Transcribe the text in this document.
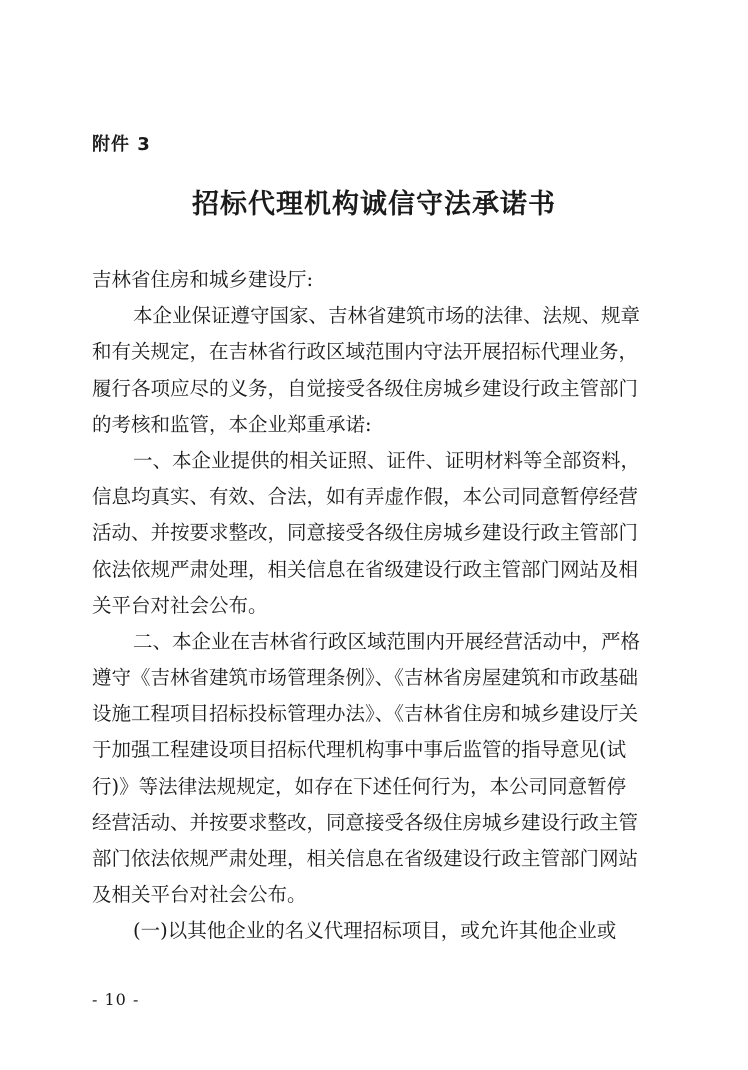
附件 3
招标代理机构诚信守法承诺书
吉林省住房和城乡建设厅:
本企业保证遵守国家、吉林省建筑市场的法律、法规、规章
和有关规定，在吉林省行政区域范围内守法开展招标代理业务，
履行各项应尽的义务，自觉接受各级住房城乡建设行政主管部门
的考核和监管，本企业郑重承诺:
一、本企业提供的相关证照、证件、证明材料等全部资料，
信息均真实、有效、合法，如有弄虚作假，本公司同意暂停经营
活动、并按要求整改，同意接受各级住房城乡建设行政主管部门
依法依规严肃处理，相关信息在省级建设行政主管部门网站及相
关平台对社会公布。
二、本企业在吉林省行政区域范围内开展经营活动中，严格
遵守《吉林省建筑市场管理条例》、《吉林省房屋建筑和市政基础
设施工程项目招标投标管理办法》、《吉林省住房和城乡建设厅关
于加强工程建设项目招标代理机构事中事后监管的指导意见(试
行)》等法律法规规定，如存在下述任何行为，本公司同意暂停
经营活动、并按要求整改，同意接受各级住房城乡建设行政主管
部门依法依规严肃处理，相关信息在省级建设行政主管部门网站
及相关平台对社会公布。
(一)以其他企业的名义代理招标项目，或允许其他企业或
- 10 -
